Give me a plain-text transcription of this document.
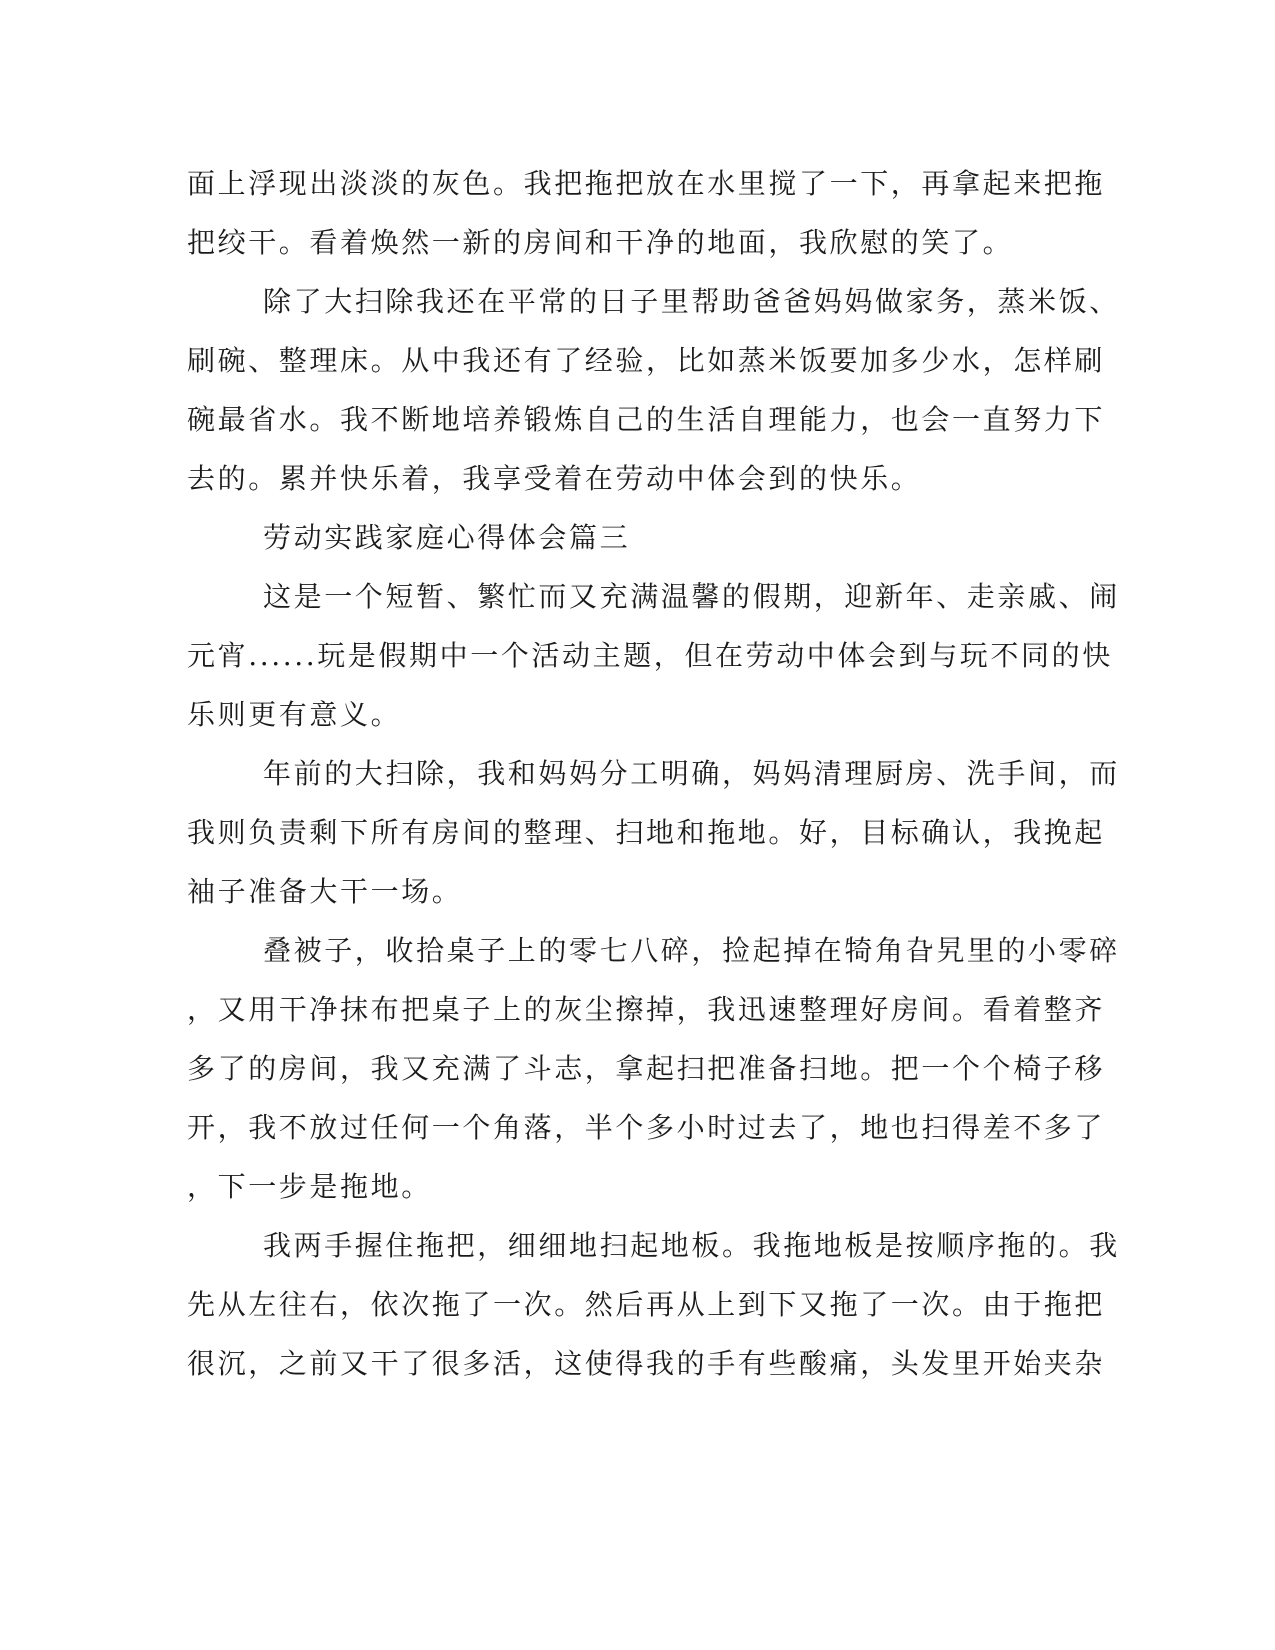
面上浮现出淡淡的灰色。我把拖把放在水里搅了一下，再拿起来把拖
把绞干。看着焕然一新的房间和干净的地面，我欣慰的笑了。
除了大扫除我还在平常的日子里帮助爸爸妈妈做家务，蒸米饭、
刷碗、整理床。从中我还有了经验，比如蒸米饭要加多少水，怎样刷
碗最省水。我不断地培养锻炼自己的生活自理能力，也会一直努力下
去的。累并快乐着，我享受着在劳动中体会到的快乐。
劳动实践家庭心得体会篇三
这是一个短暂、繁忙而又充满温馨的假期，迎新年、走亲戚、闹
元宵......玩是假期中一个活动主题，但在劳动中体会到与玩不同的快
乐则更有意义。
年前的大扫除，我和妈妈分工明确，妈妈清理厨房、洗手间，而
我则负责剩下所有房间的整理、扫地和拖地。好，目标确认，我挽起
袖子准备大干一场。
叠被子，收拾桌子上的零七八碎，捡起掉在犄角旮旯里的小零碎
，又用干净抹布把桌子上的灰尘擦掉，我迅速整理好房间。看着整齐
多了的房间，我又充满了斗志，拿起扫把准备扫地。把一个个椅子移
开，我不放过任何一个角落，半个多小时过去了，地也扫得差不多了
，下一步是拖地。
我两手握住拖把，细细地扫起地板。我拖地板是按顺序拖的。我
先从左往右，依次拖了一次。然后再从上到下又拖了一次。由于拖把
很沉，之前又干了很多活，这使得我的手有些酸痛，头发里开始夹杂
